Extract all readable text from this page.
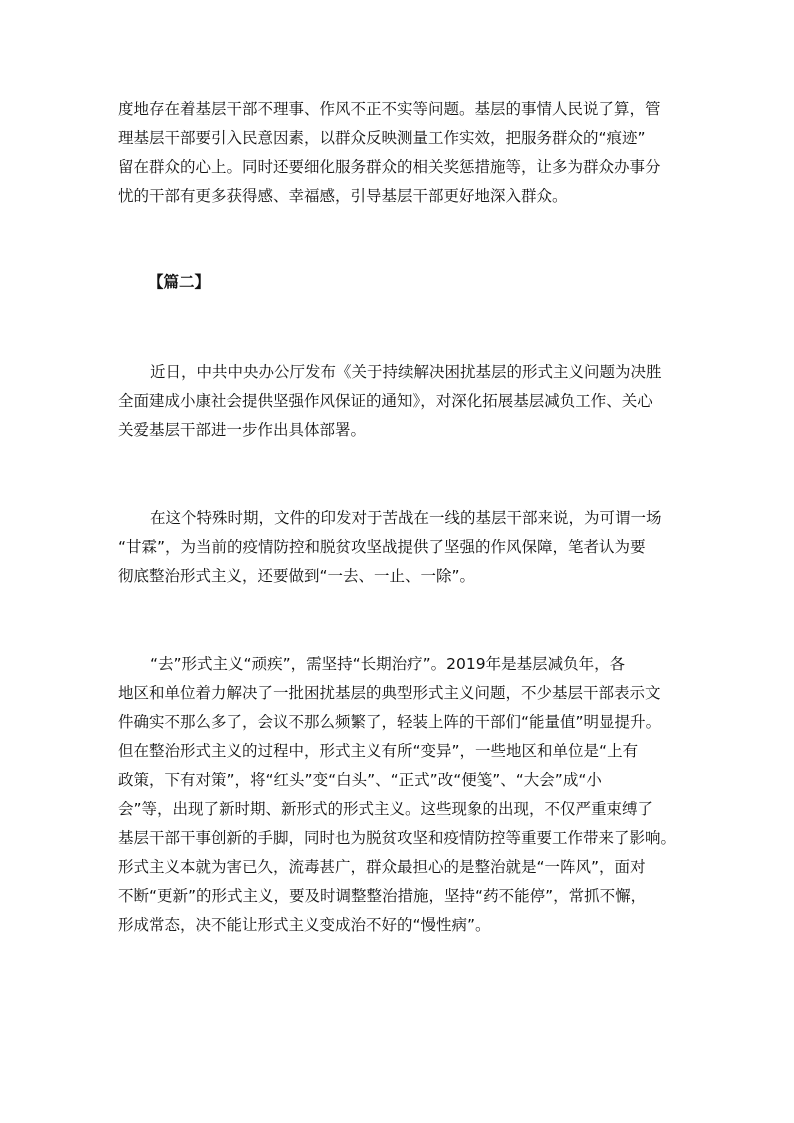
度地存在着基层干部不理事、作风不正不实等问题。基层的事情人民说了算，管
理基层干部要引入民意因素，以群众反映测量工作实效，把服务群众的“痕迹”
留在群众的心上。同时还要细化服务群众的相关奖惩措施等，让多为群众办事分
忧的干部有更多获得感、幸福感，引导基层干部更好地深入群众。
【篇二】
近日，中共中央办公厅发布《关于持续解决困扰基层的形式主义问题为决胜
全面建成小康社会提供坚强作风保证的通知》，对深化拓展基层减负工作、关心
关爱基层干部进一步作出具体部署。
在这个特殊时期，文件的印发对于苦战在一线的基层干部来说，为可谓一场
“甘霖”，为当前的疫情防控和脱贫攻坚战提供了坚强的作风保障，笔者认为要
彻底整治形式主义，还要做到“一去、一止、一除”。
“去”形式主义“顽疾”，需坚持“长期治疗”。2019年是基层减负年，各
地区和单位着力解决了一批困扰基层的典型形式主义问题，不少基层干部表示文
件确实不那么多了，会议不那么频繁了，轻装上阵的干部们“能量值”明显提升。
但在整治形式主义的过程中，形式主义有所“变异”，一些地区和单位是“上有
政策，下有对策”，将“红头”变“白头”、“正式”改“便笺”、“大会”成“小
会”等，出现了新时期、新形式的形式主义。这些现象的出现，不仅严重束缚了
基层干部干事创新的手脚，同时也为脱贫攻坚和疫情防控等重要工作带来了影响。
形式主义本就为害已久，流毒甚广，群众最担心的是整治就是“一阵风”，面对
不断“更新”的形式主义，要及时调整整治措施，坚持“药不能停”，常抓不懈，
形成常态，决不能让形式主义变成治不好的“慢性病”。
